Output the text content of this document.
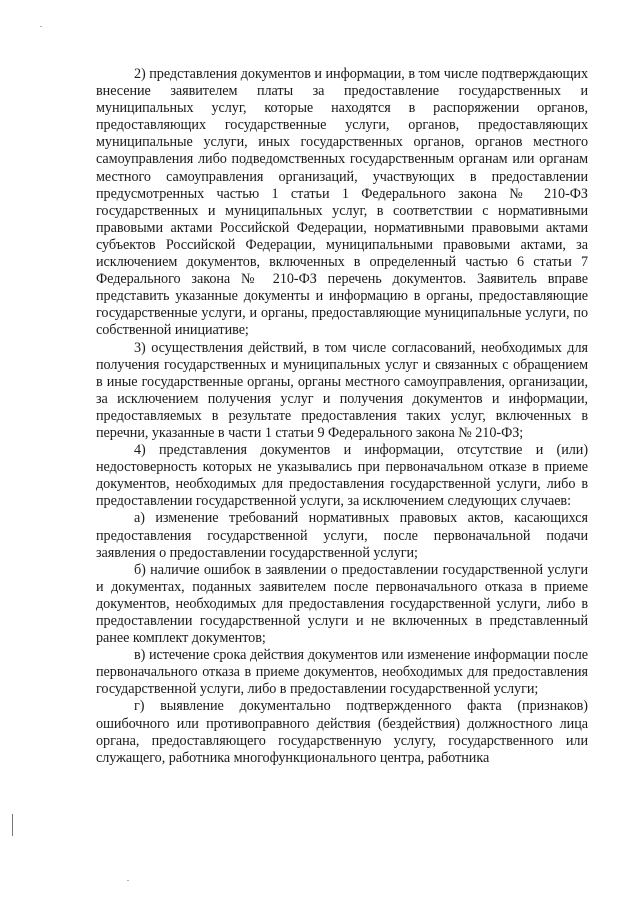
2) представления документов и информации, в том числе подтверждающих внесение заявителем платы за предоставление государственных и муниципальных услуг, которые находятся в распоряжении органов, предоставляющих государственные услуги, органов, предоставляющих муниципальные услуги, иных государственных органов, органов местного самоуправления либо подведомственных государственным органам или органам местного самоуправления организаций, участвующих в предоставлении предусмотренных частью 1 статьи 1 Федерального закона № 210-ФЗ государственных и муниципальных услуг, в соответствии с нормативными правовыми актами Российской Федерации, нормативными правовыми актами субъектов Российской Федерации, муниципальными правовыми актами, за исключением документов, включенных в определенный частью 6 статьи 7 Федерального закона № 210-ФЗ перечень документов. Заявитель вправе представить указанные документы и информацию в органы, предоставляющие государственные услуги, и органы, предоставляющие муниципальные услуги, по собственной инициативе;

3) осуществления действий, в том числе согласований, необходимых для получения государственных и муниципальных услуг и связанных с обращением в иные государственные органы, органы местного самоуправления, организации, за исключением получения услуг и получения документов и информации, предоставляемых в результате предоставления таких услуг, включенных в перечни, указанные в части 1 статьи 9 Федерального закона № 210-ФЗ;

4) представления документов и информации, отсутствие и (или) недостоверность которых не указывались при первоначальном отказе в приеме документов, необходимых для предоставления государственной услуги, либо в предоставлении государственной услуги, за исключением следующих случаев:

а) изменение требований нормативных правовых актов, касающихся предоставления государственной услуги, после первоначальной подачи заявления о предоставлении государственной услуги;

б) наличие ошибок в заявлении о предоставлении государственной услуги и документах, поданных заявителем после первоначального отказа в приеме документов, необходимых для предоставления государственной услуги, либо в предоставлении государственной услуги и не включенных в представленный ранее комплект документов;

в) истечение срока действия документов или изменение информации после первоначального отказа в приеме документов, необходимых для предоставления государственной услуги, либо в предоставлении государственной услуги;

г) выявление документально подтвержденного факта (признаков) ошибочного или противоправного действия (бездействия) должностного лица органа, предоставляющего государственную услугу, государственного или служащего, работника многофункционального центра, работника
